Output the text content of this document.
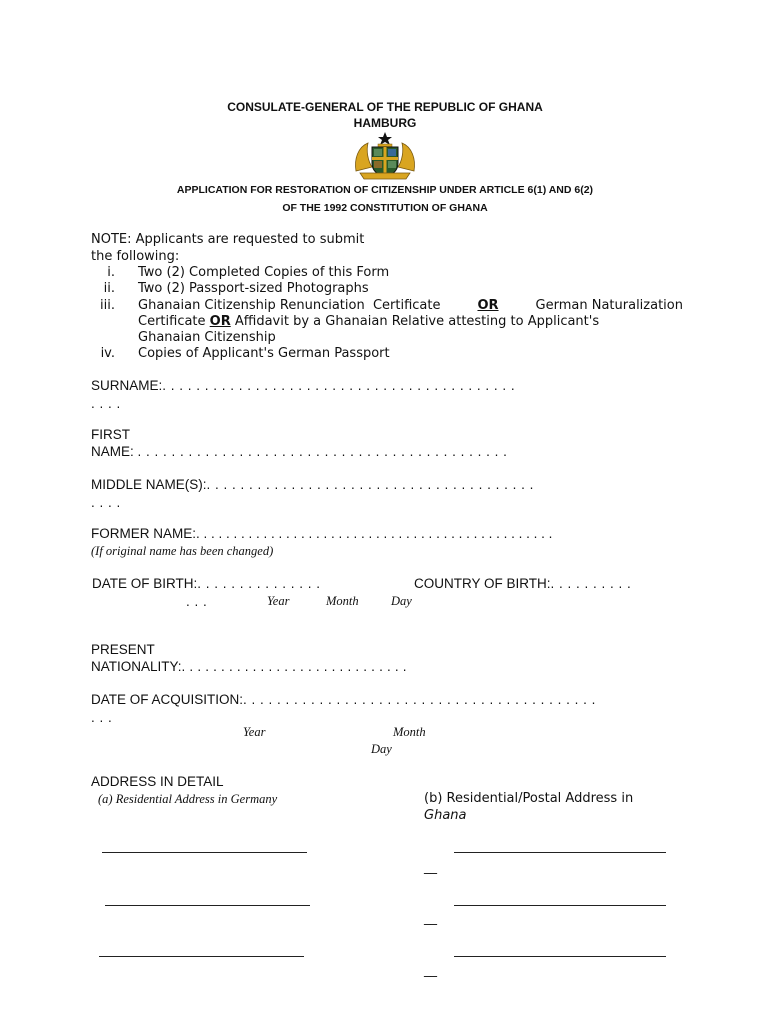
CONSULATE-GENERAL OF THE REPUBLIC OF GHANA
HAMBURG
APPLICATION FOR RESTORATION OF CITIZENSHIP UNDER ARTICLE 6(1) AND 6(2)
OF THE 1992 CONSTITUTION OF GHANA
NOTE: Applicants are requested to submit
the following:
i. Two (2) Completed Copies of this Form
ii. Two (2) Passport-sized Photographs
iii. Ghanaian Citizenship Renunciation  Certificate	OR	German Naturalization
Certificate OR Affidavit by a Ghanaian Relative attesting to Applicant's
Ghanaian Citizenship
iv. Copies of Applicant's German Passport
SURNAME:. . . . . . . . . . . . . . . . . . . . . . . . . . . . . . . . . . . . . . . . . .
. . . .
FIRST
NAME: . . . . . . . . . . . . . . . . . . . . . . . . . . . . . . . . . . . . . . . . . . . .
MIDDLE NAME(S):. . . . . . . . . . . . . . . . . . . . . . . . . . . . . . . . . . . . . . .
. . . .
FORMER NAME:. . . . . . . . . . . . . . . . . . . . . . . . . . . . . . . . . . . . . . . . . . . . . . . .
(If original name has been changed)
DATE OF BIRTH:. . . . . . . . . . . . . . .	COUNTRY OF BIRTH:. . . . . . . . . .
. . .	Year	Month	Day
PRESENT
NATIONALITY:. . . . . . . . . . . . . . . . . . . . . . . . . . . . .
DATE OF ACQUISITION:. . . . . . . . . . . . . . . . . . . . . . . . . . . . . . . . . . . . . . . . . .
. . .
Year	Month
Day
ADDRESS IN DETAIL
(a) Residential Address in Germany	(b) Residential/Postal Address in
Ghana
__
__
__
